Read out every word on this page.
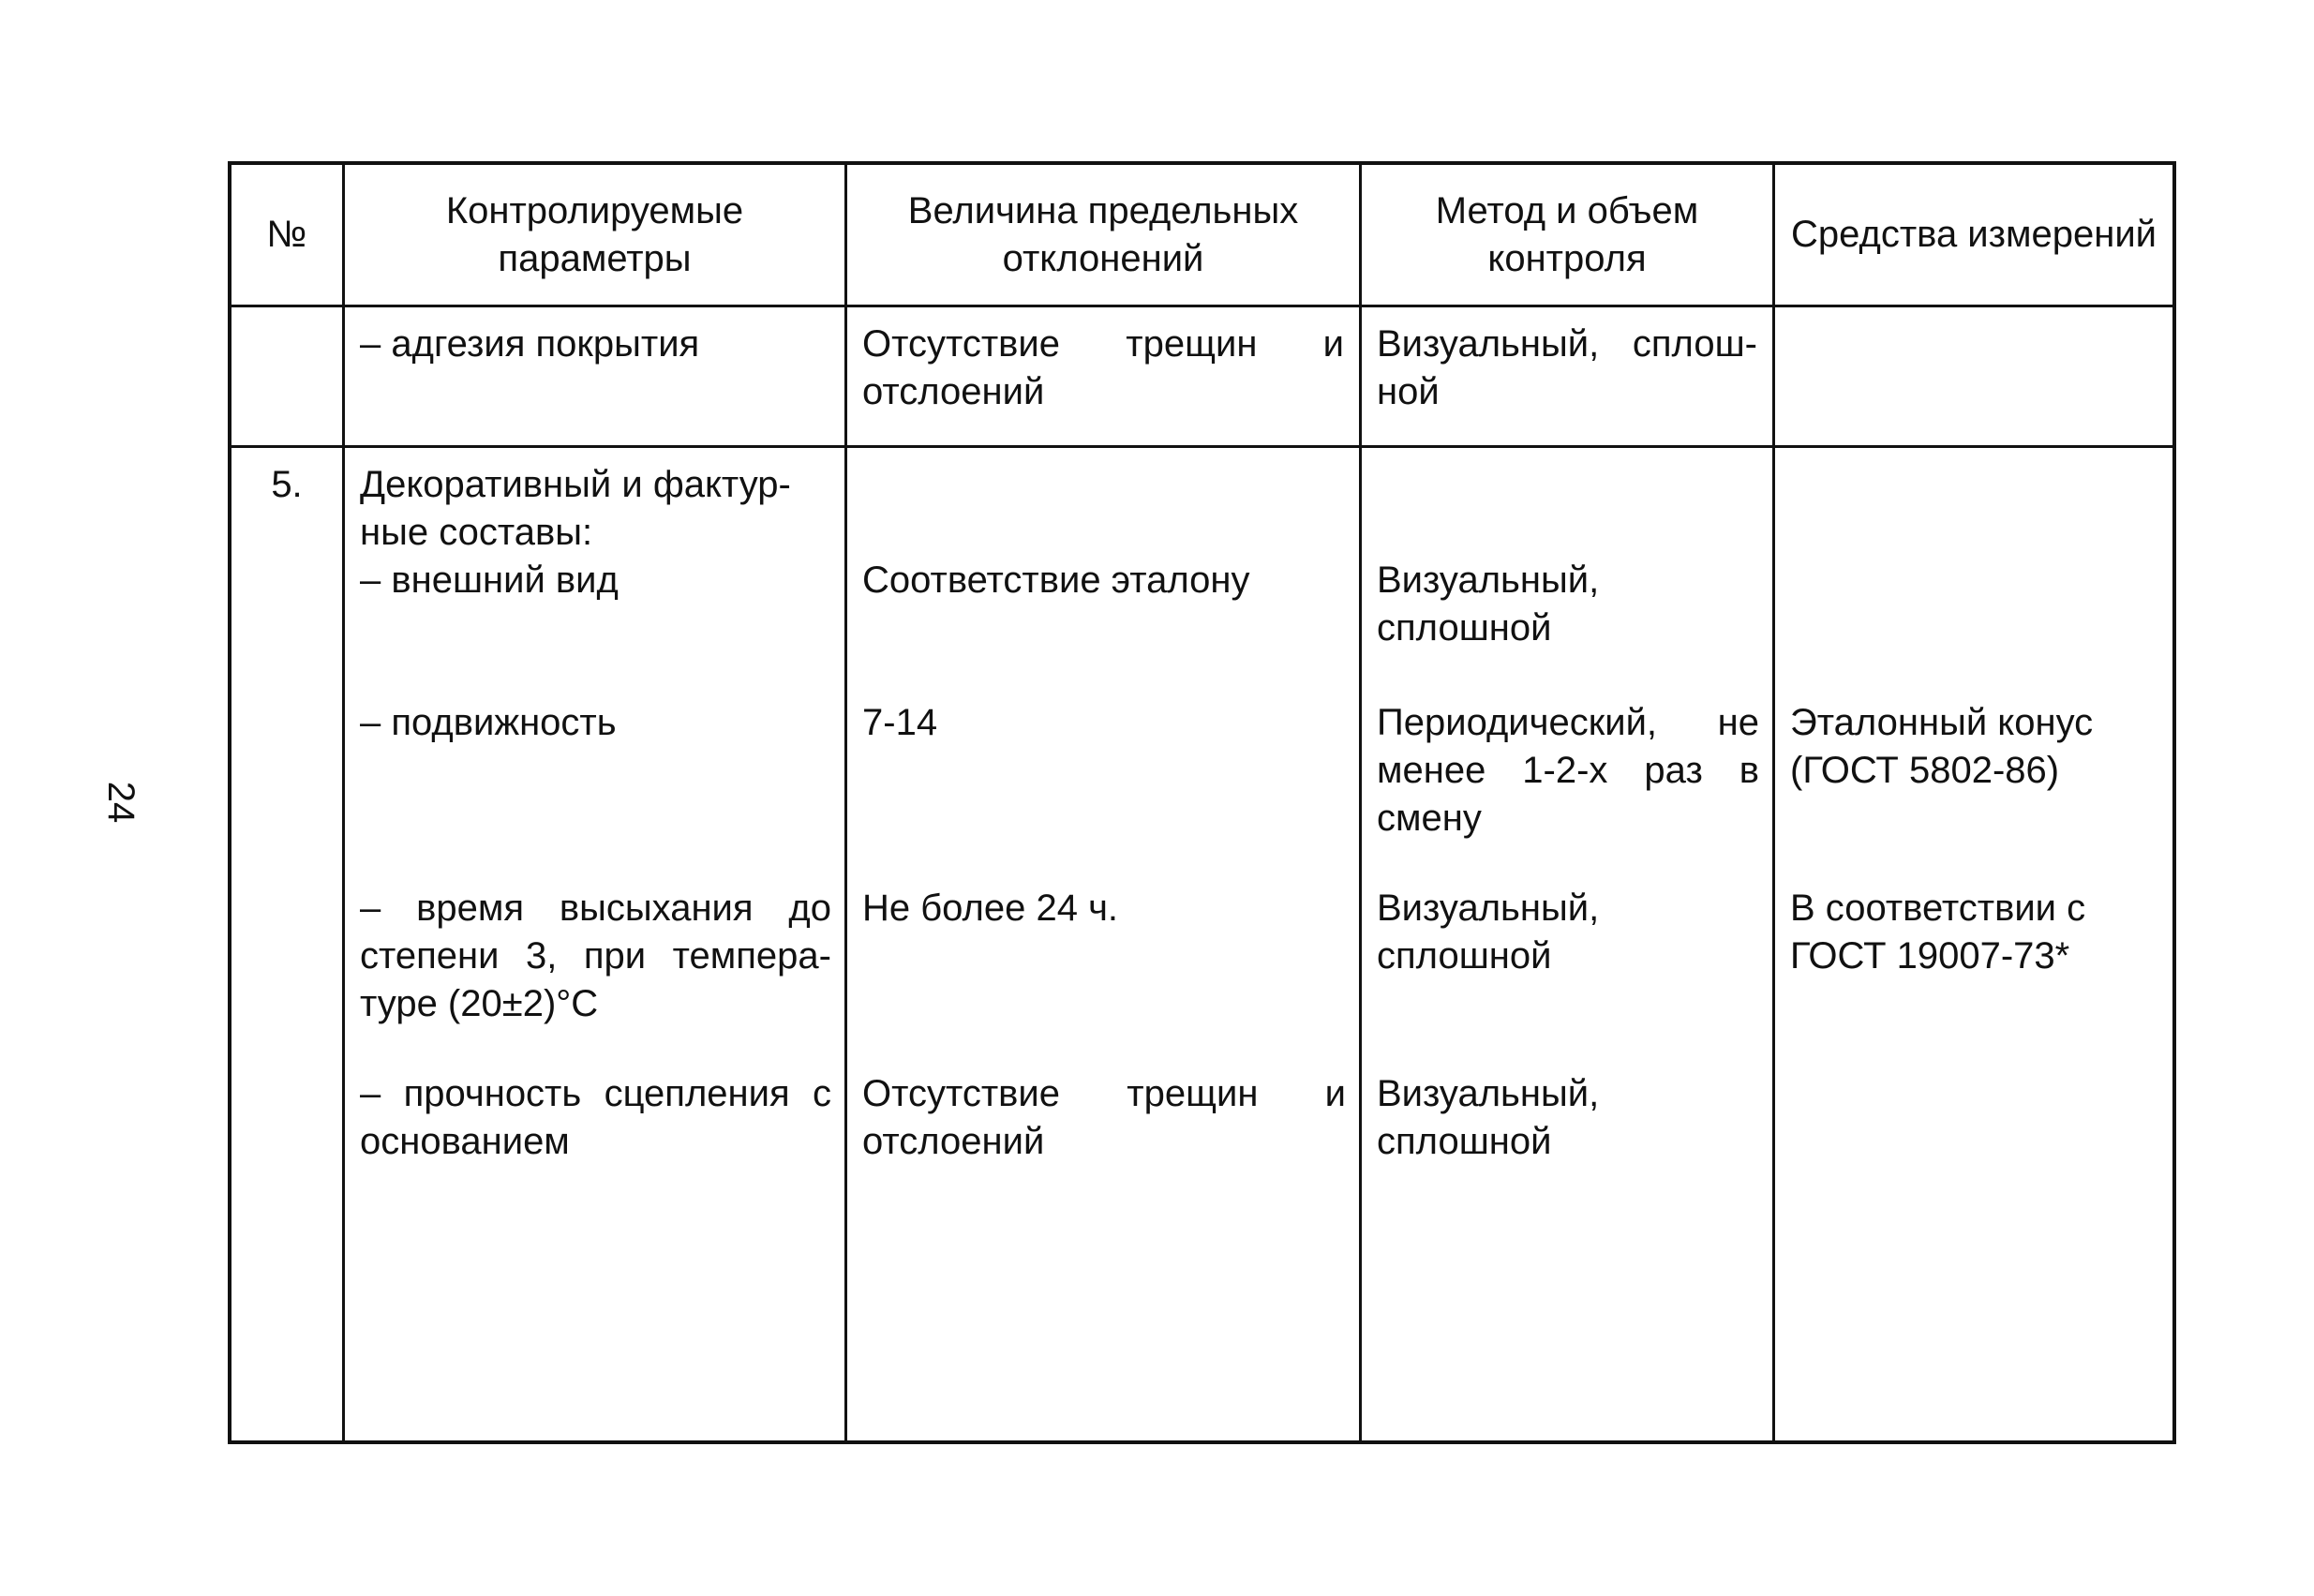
24
№
Контролируемые параметры
Величина предельных отклонений
Метод и объем контроля
Средства измерений
– адгезия покрытия	Отсутствие трещин и отслоений
Визуальный, сплош-ной
5.	Декоративный и фактур-ные составы:
– внешний вид
– подвижность
– время высыхания до степени 3, при темпера-туре (20±2)°С
– прочность сцепления с основанием
Соответствие эталону
7-14
Не более 24 ч.
Отсутствие трещин и отслоений
Визуальный, сплошной
Периодический, не менее 1-2-х раз в смену
Визуальный, сплошной
Визуальный, сплошной
Эталонный конус (ГОСТ 5802-86)
В соответствии с ГОСТ 19007-73*
